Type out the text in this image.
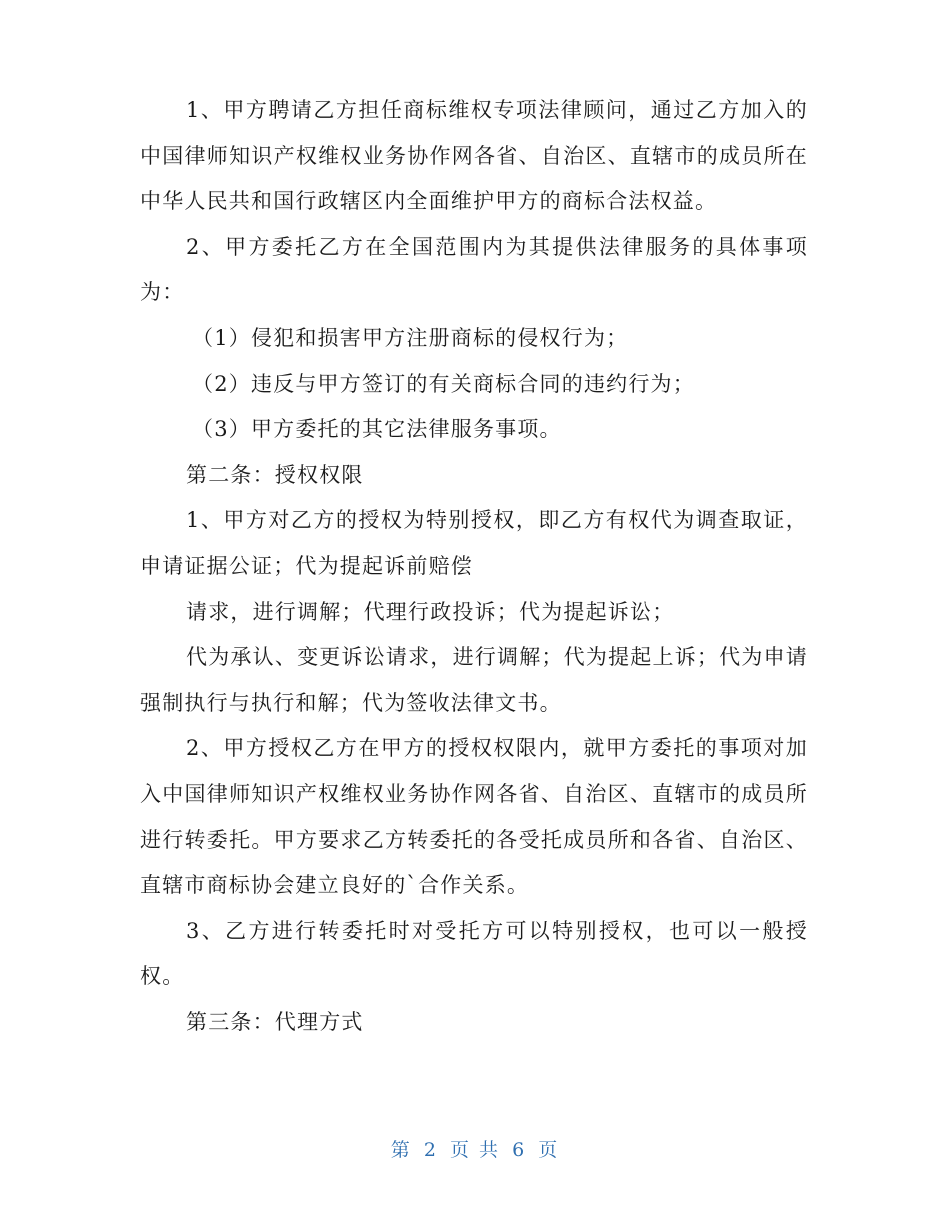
1、甲方聘请乙方担任商标维权专项法律顾问，通过乙方加入的中国律师知识产权维权业务协作网各省、自治区、直辖市的成员所在中华人民共和国行政辖区内全面维护甲方的商标合法权益。

2、甲方委托乙方在全国范围内为其提供法律服务的具体事项为：

（1）侵犯和损害甲方注册商标的侵权行为；

（2）违反与甲方签订的有关商标合同的违约行为；

（3）甲方委托的其它法律服务事项。

第二条：授权权限

1、甲方对乙方的授权为特别授权，即乙方有权代为调查取证，申请证据公证；代为提起诉前赔偿

请求，进行调解；代理行政投诉；代为提起诉讼；

代为承认、变更诉讼请求，进行调解；代为提起上诉；代为申请强制执行与执行和解；代为签收法律文书。

2、甲方授权乙方在甲方的授权权限内，就甲方委托的事项对加入中国律师知识产权维权业务协作网各省、自治区、直辖市的成员所进行转委托。甲方要求乙方转委托的各受托成员所和各省、自治区、直辖市商标协会建立良好的`合作关系。

3、乙方进行转委托时对受托方可以特别授权，也可以一般授权。

第三条：代理方式

第 2 页 共 6 页
